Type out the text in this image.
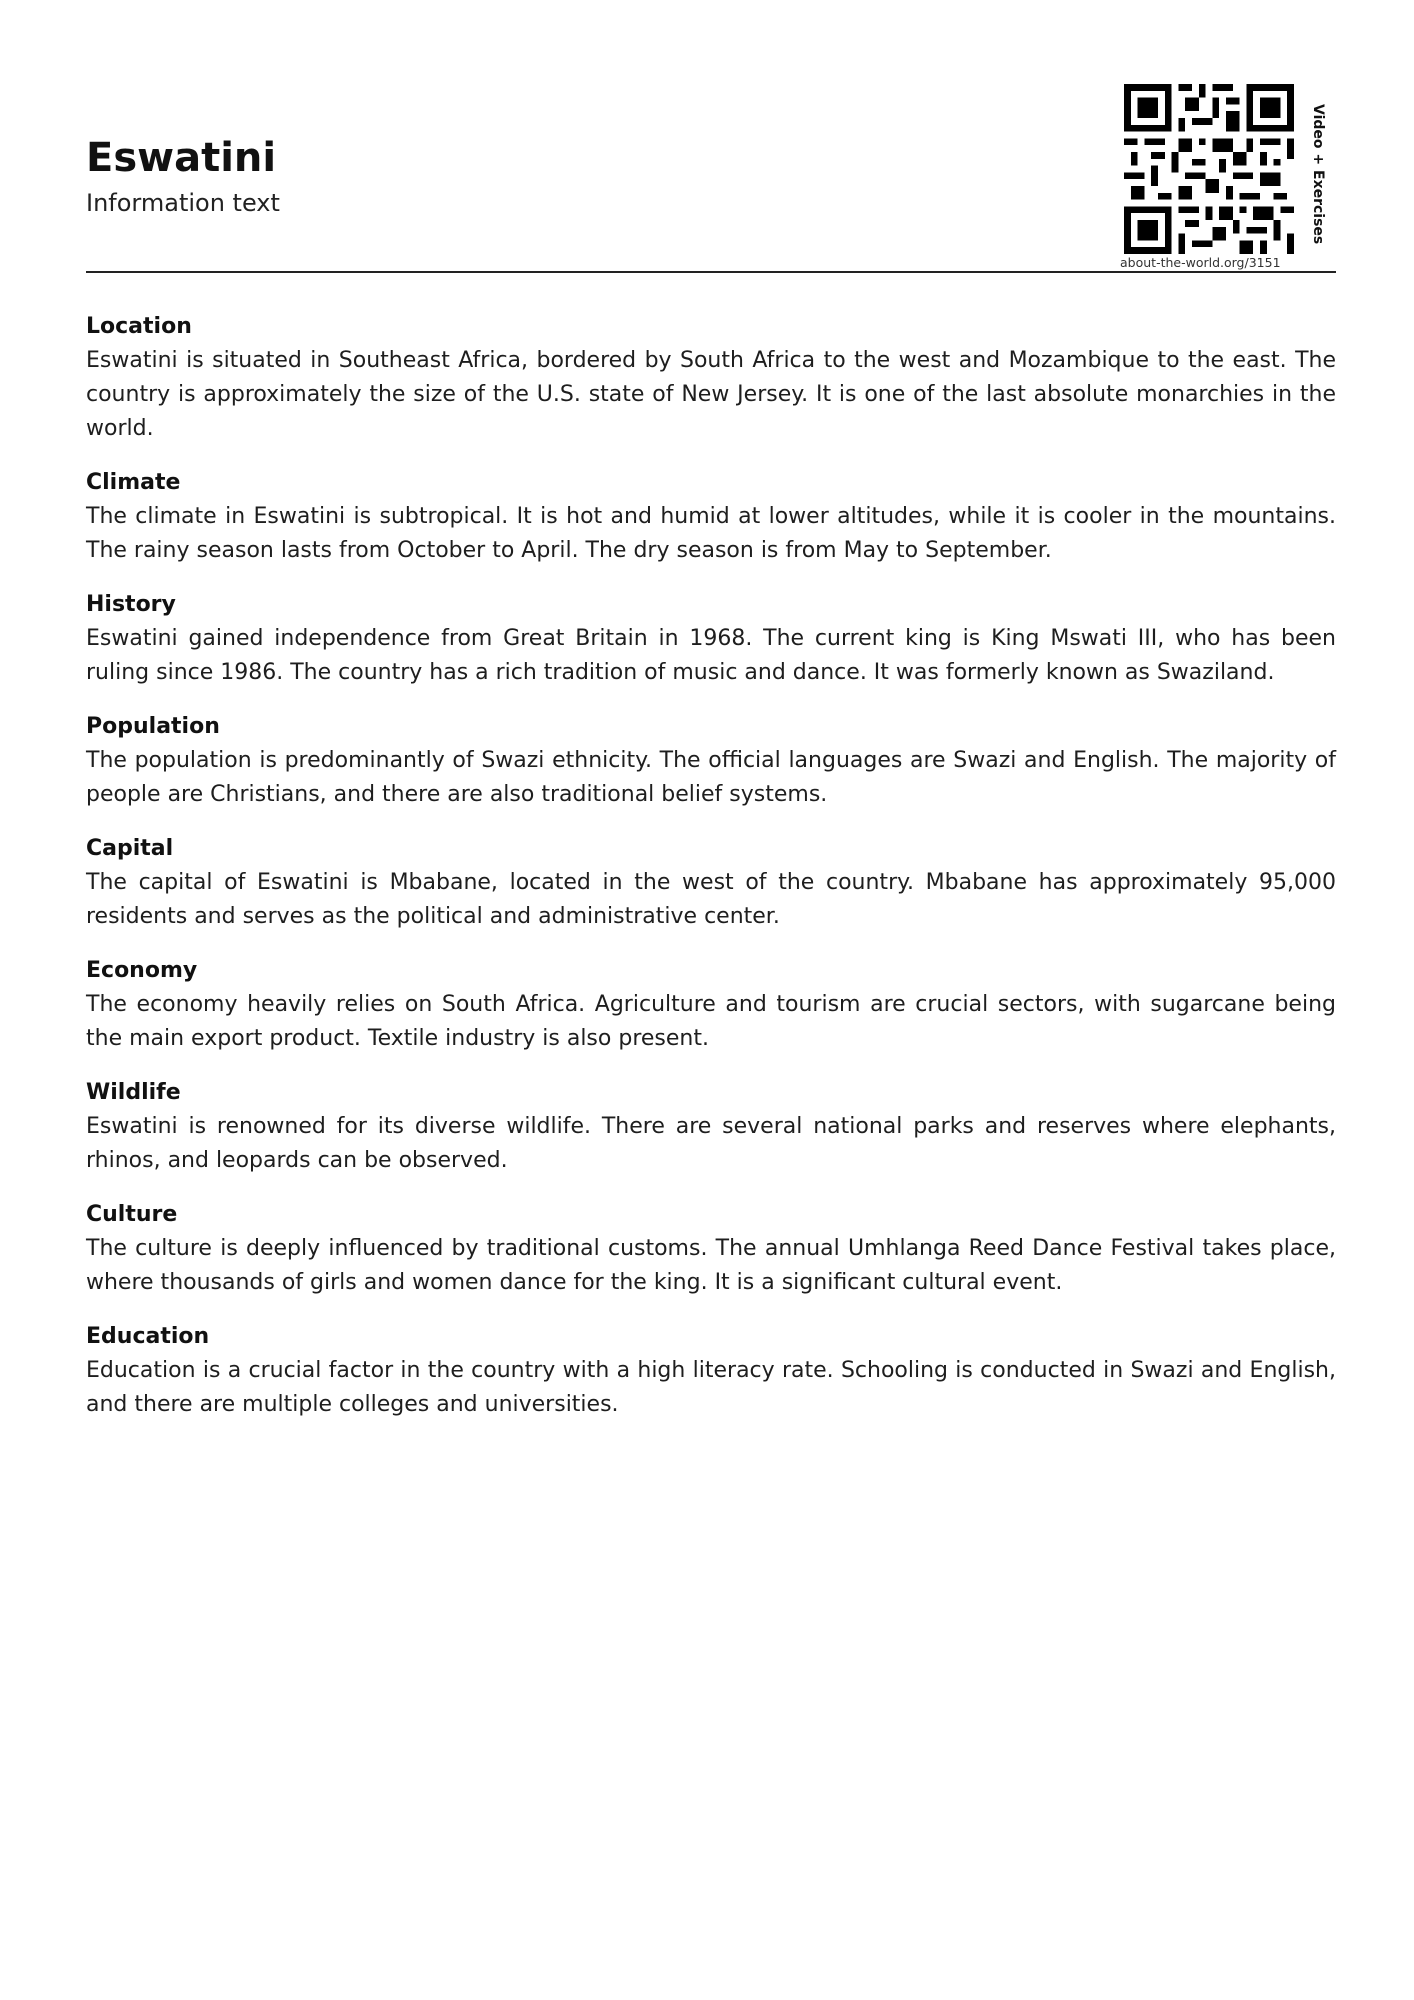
Eswatini
Information text
about-the-world.org/3151
Video + Exercises
Location

Eswatini is situated in Southeast Africa, bordered by South Africa to the west and Mozambique to the east. The country is approximately the size of the U.S. state of New Jersey. It is one of the last absolute monarchies in the world.

Climate

The climate in Eswatini is subtropical. It is hot and humid at lower altitudes, while it is cooler in the mountains. The rainy season lasts from October to April. The dry season is from May to September.

History

Eswatini gained independence from Great Britain in 1968. The current king is King Mswati III, who has been ruling since 1986. The country has a rich tradition of music and dance. It was formerly known as Swaziland.

Population

The population is predominantly of Swazi ethnicity. The official languages are Swazi and English. The majority of people are Christians, and there are also traditional belief systems.

Capital

The capital of Eswatini is Mbabane, located in the west of the country. Mbabane has approximately 95,000 residents and serves as the political and administrative center.

Economy

The economy heavily relies on South Africa. Agriculture and tourism are crucial sectors, with sugarcane being the main export product. Textile industry is also present.

Wildlife

Eswatini is renowned for its diverse wildlife. There are several national parks and reserves where elephants, rhinos, and leopards can be observed.

Culture

The culture is deeply influenced by traditional customs. The annual Umhlanga Reed Dance Festival takes place, where thousands of girls and women dance for the king. It is a significant cultural event.

Education

Education is a crucial factor in the country with a high literacy rate. Schooling is conducted in Swazi and English, and there are multiple colleges and universities.
